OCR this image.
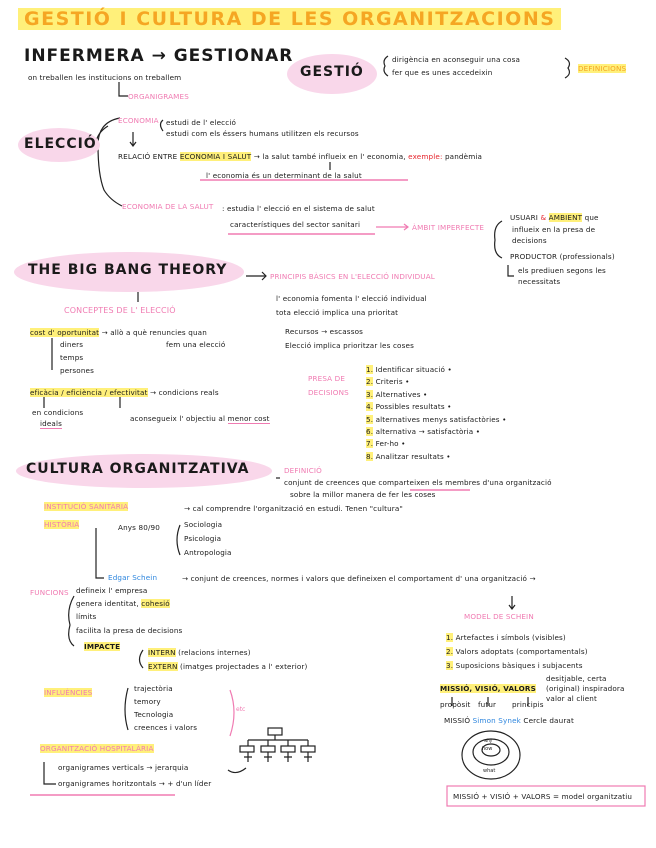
GESTIÓ I CULTURA DE LES ORGANITZACIONS
INFERMERA → GESTIONAR
on treballen les institucions on treballem
ORGANIGRAMES
GESTIÓ
dirigència en aconseguir una cosa
fer que es unes accedeixin	DEFINICIONS
ELECCIÓ
ECONOMIA estudi de l' elecció
estudi com els éssers humans utilitzen els recursos
RELACIÓ ENTRE ECONOMIA I SALUT → la salut també influeix en l' economia, exemple: pandèmia
l' economia és un determinant de la salut
ECONOMIA DE LA SALUT : estudia l' elecció en el sistema de salut
característiques del sector sanitari	ÀMBIT IMPERFECTE
USUARI & AMBIENT que
influeix en la presa de
decisions
PRODUCTOR (professionals)
els prediuen segons les
necessitats
THE BIG BANG THEORY	PRINCIPIS BÀSICS EN L'ELECCIÓ INDIVIDUAL
l' economia fomenta l' elecció individual
tota elecció implica una prioritat
CONCEPTES DE L' ELECCIÓ
cost d' oportunitat → allò a què renuncies quan
fem una elecció
diners
temps
persones
eficàcia / eficiència / efectivitat → condicions reals
en condicions
ideals
aconsegueix l' objectiu al menor cost
Recursos → escassos
Elecció implica prioritzar les coses
PRESA DE
DECISIONS
1. Identificar situació •
2. Criteris •
3. Alternatives •
4. Possibles resultats •
5. alternatives menys satisfactòries •
6. alternativa → satisfactòria •
7. Fer-ho •
8. Analitzar resultats •
CULTURA ORGANITZATIVA	DEFINICIÓ
conjunt de creences que comparteixen els membres d'una organització
sobre la millor manera de fer les coses
INSTITUCIÓ SANITÀRIA	→ cal comprendre l'organització en estudi. Tenen "cultura"
HISTÒRIA	Anys 80/90	Sociologia
Psicologia
Antropologia
Edgar Schein	→ conjunt de creences, normes i valors que defineixen el comportament d' una organització →
FUNCIONS defineix l' empresa
genera identitat, cohesió
límits
facilita la presa de decisions
IMPACTE
INTERN (relacions internes)
EXTERN (imatges projectades a l' exterior)
MODEL DE SCHEIN
1. Artefactes i símbols (visibles)
2. Valors adoptats (comportamentals)
3. Suposicions bàsiques i subjacents
MISSIÓ, VISIÓ, VALORS
propòsit futur principis
desitjable, certa
(original) inspiradora
valor al client
MISSIÓ Simon Synek Cercle daurat
how
why
what
MISSIÓ + VISIÓ + VALORS = model organitzatiu
INFLUÈNCIES	trajectòria
temory
Tecnologia
creences i valors
etc
ORGANITZACIÓ HOSPITALÀRIA
organigrames verticals → jerarquia
organigrames horitzontals → + d'un líder
